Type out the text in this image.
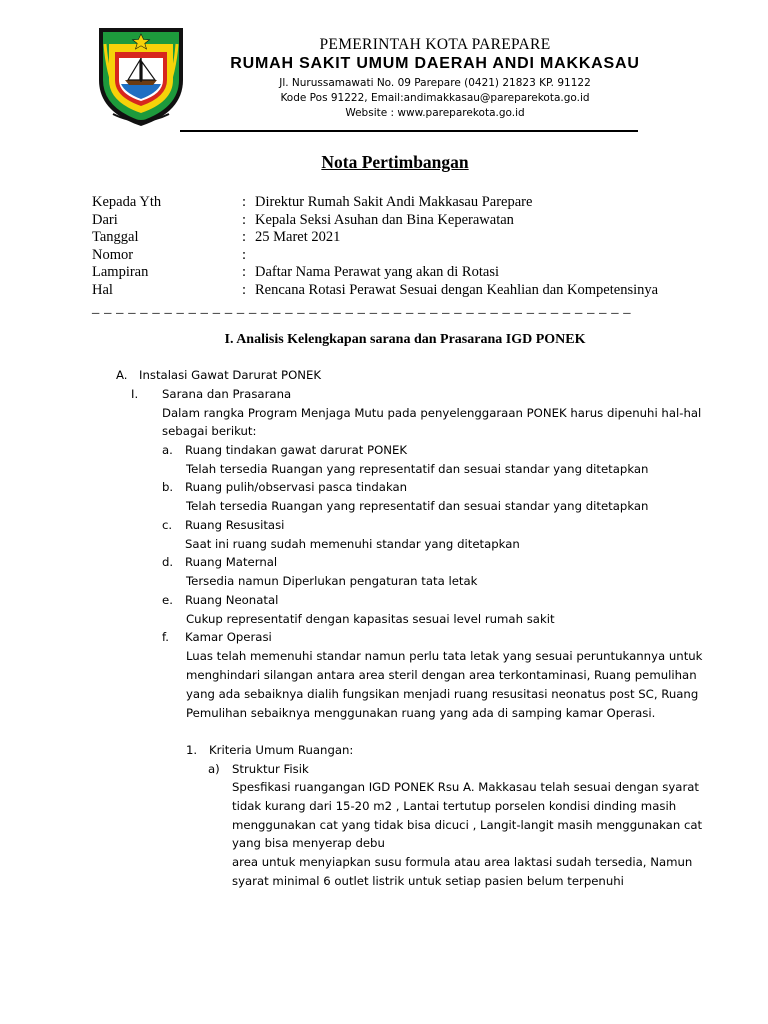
PEMERINTAH KOTA PAREPARE
RUMAH SAKIT UMUM DAERAH ANDI MAKKASAU
Jl. Nurussamawati No. 09 Parepare (0421) 21823 KP. 91122
Kode Pos 91222, Email:andimakkasau@pareparekota.go.id
Website : www.pareparekota.go.id
Nota Pertimbangan
Kepada Yth	: Direktur Rumah Sakit Andi Makkasau Parepare
Dari	: Kepala Seksi Asuhan dan Bina Keperawatan
Tanggal	: 25 Maret 2021
Nomor	:
Lampiran	: Daftar Nama Perawat yang akan di Rotasi
Hal	: Rencana Rotasi Perawat Sesuai dengan Keahlian dan Kompetensinya
_ _ _ _ _ _ _ _ _ _ _ _ _ _ _ _ _ _ _ _ _ _ _ _ _ _ _ _ _ _ _ _ _ _ _ _ _ _ _ _ _ _ _ _ _
I. Analisis Kelengkapan sarana dan Prasarana IGD PONEK
A. Instalasi Gawat Darurat PONEK
I. Sarana dan Prasarana
Dalam rangka Program Menjaga Mutu pada penyelenggaraan PONEK harus dipenuhi hal-hal
sebagai berikut:
a. Ruang tindakan gawat darurat PONEK
Telah tersedia Ruangan yang representatif dan sesuai standar yang ditetapkan
b. Ruang pulih/observasi pasca tindakan
Telah tersedia Ruangan yang representatif dan sesuai standar yang ditetapkan
c. Ruang Resusitasi
Saat ini ruang sudah memenuhi standar yang ditetapkan
d. Ruang Maternal
Tersedia namun Diperlukan pengaturan tata letak
e. Ruang Neonatal
Cukup representatif dengan kapasitas sesuai level rumah sakit
f. Kamar Operasi
Luas telah memenuhi standar namun perlu tata letak yang sesuai peruntukannya untuk
menghindari silangan antara area steril dengan area terkontaminasi, Ruang pemulihan
yang ada sebaiknya dialih fungsikan menjadi ruang resusitasi neonatus post SC, Ruang
Pemulihan sebaiknya menggunakan ruang yang ada di samping kamar Operasi.
1. Kriteria Umum Ruangan:
a) Struktur Fisik
Spesfikasi ruangangan IGD PONEK Rsu A. Makkasau telah sesuai dengan syarat
tidak kurang dari 15-20 m2 , Lantai tertutup porselen kondisi dinding masih
menggunakan cat yang tidak bisa dicuci , Langit-langit masih menggunakan cat
yang bisa menyerap debu
area untuk menyiapkan susu formula atau area laktasi sudah tersedia, Namun
syarat minimal 6 outlet listrik untuk setiap pasien belum terpenuhi
